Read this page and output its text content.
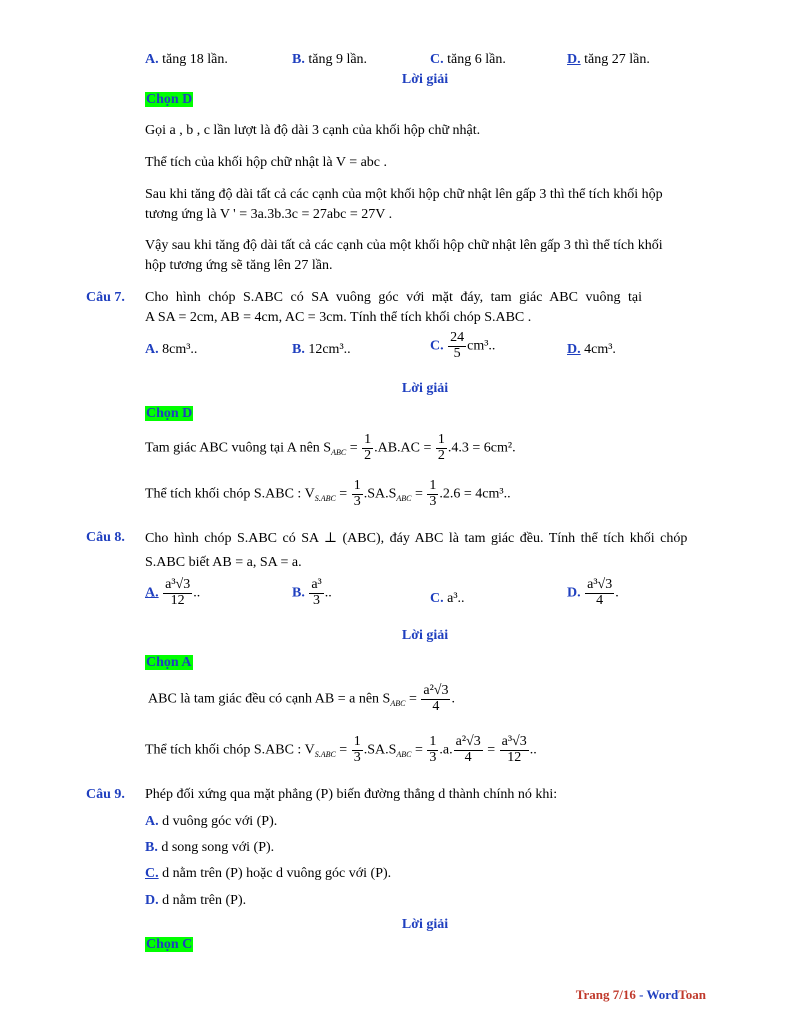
A. tăng 18 lần.	B. tăng 9 lần.	C. tăng 6 lần.	D. tăng 27 lần.
Lời giải
Chọn D
Gọi a , b , c lần lượt là độ dài 3 cạnh của khối hộp chữ nhật.
Thể tích của khối hộp chữ nhật là V = abc .
Sau khi tăng độ dài tất cả các cạnh của một khối hộp chữ nhật lên gấp 3 thì thể tích khối hộp
tương ứng là V ' = 3a.3b.3c = 27abc = 27V .
Vậy sau khi tăng độ dài tất cả các cạnh của một khối hộp chữ nhật lên gấp 3 thì thể tích khối
hộp tương ứng sẽ tăng lên 27 lần.
Câu 7. Cho hình chóp S.ABC có SA vuông góc với mặt đáy, tam giác ABC vuông tại
A SA = 2cm, AB = 4cm, AC = 3cm. Tính thể tích khối chóp S.ABC .
A. 8cm³..	B. 12cm³..	C. $\frac{24}{5} cm^3$..	D. 4cm³.
Lời giải
Chọn D
Tam giác ABC vuông tại A nên $S_{ABC} = \frac{1}{2} .AB.AC = \frac{1}{2} .4.3 = 6cm^2$.
Thể tích khối chóp S.ABC : $V_{S.ABC} = \frac{1}{3} .SA.S_{ABC} = \frac{1}{3} .2.6 = 4cm^3$..
Câu 8. Cho hình chóp S.ABC có SA ⊥ (ABC), đáy ABC là tam giác đều. Tính thể tích khối chóp
S.ABC biết AB = a, SA = a.
A. $\frac{\text{a³√3}}{12}$ ..	B. $\frac{\text{a³}}{3}$ ..	C. a³..	D. $\frac{\text{a³√3}}{4}$ .
Lời giải
Chọn A
ABC là tam giác đều có cạnh AB = a nên $S_{ABC} = \frac{\text{a²√3}}{4}$ .
Thể tích khối chóp S.ABC : $V_{S.ABC} = \frac{1}{3} .SA.S_{ABC} = \frac{1}{3} .a$. $\frac{\text{a²√3}}{4} = \frac{\text{a³√3}}{12}$ ..
Câu 9. Phép đối xứng qua mặt phẳng (P) biến đường thẳng d thành chính nó khi:
A. d vuông góc với (P).
B. d song song với (P).
C. d nằm trên (P) hoặc d vuông góc với (P).
D. d nằm trên (P).
Lời giải
Chọn C
Trang 7/16 - WordToan
